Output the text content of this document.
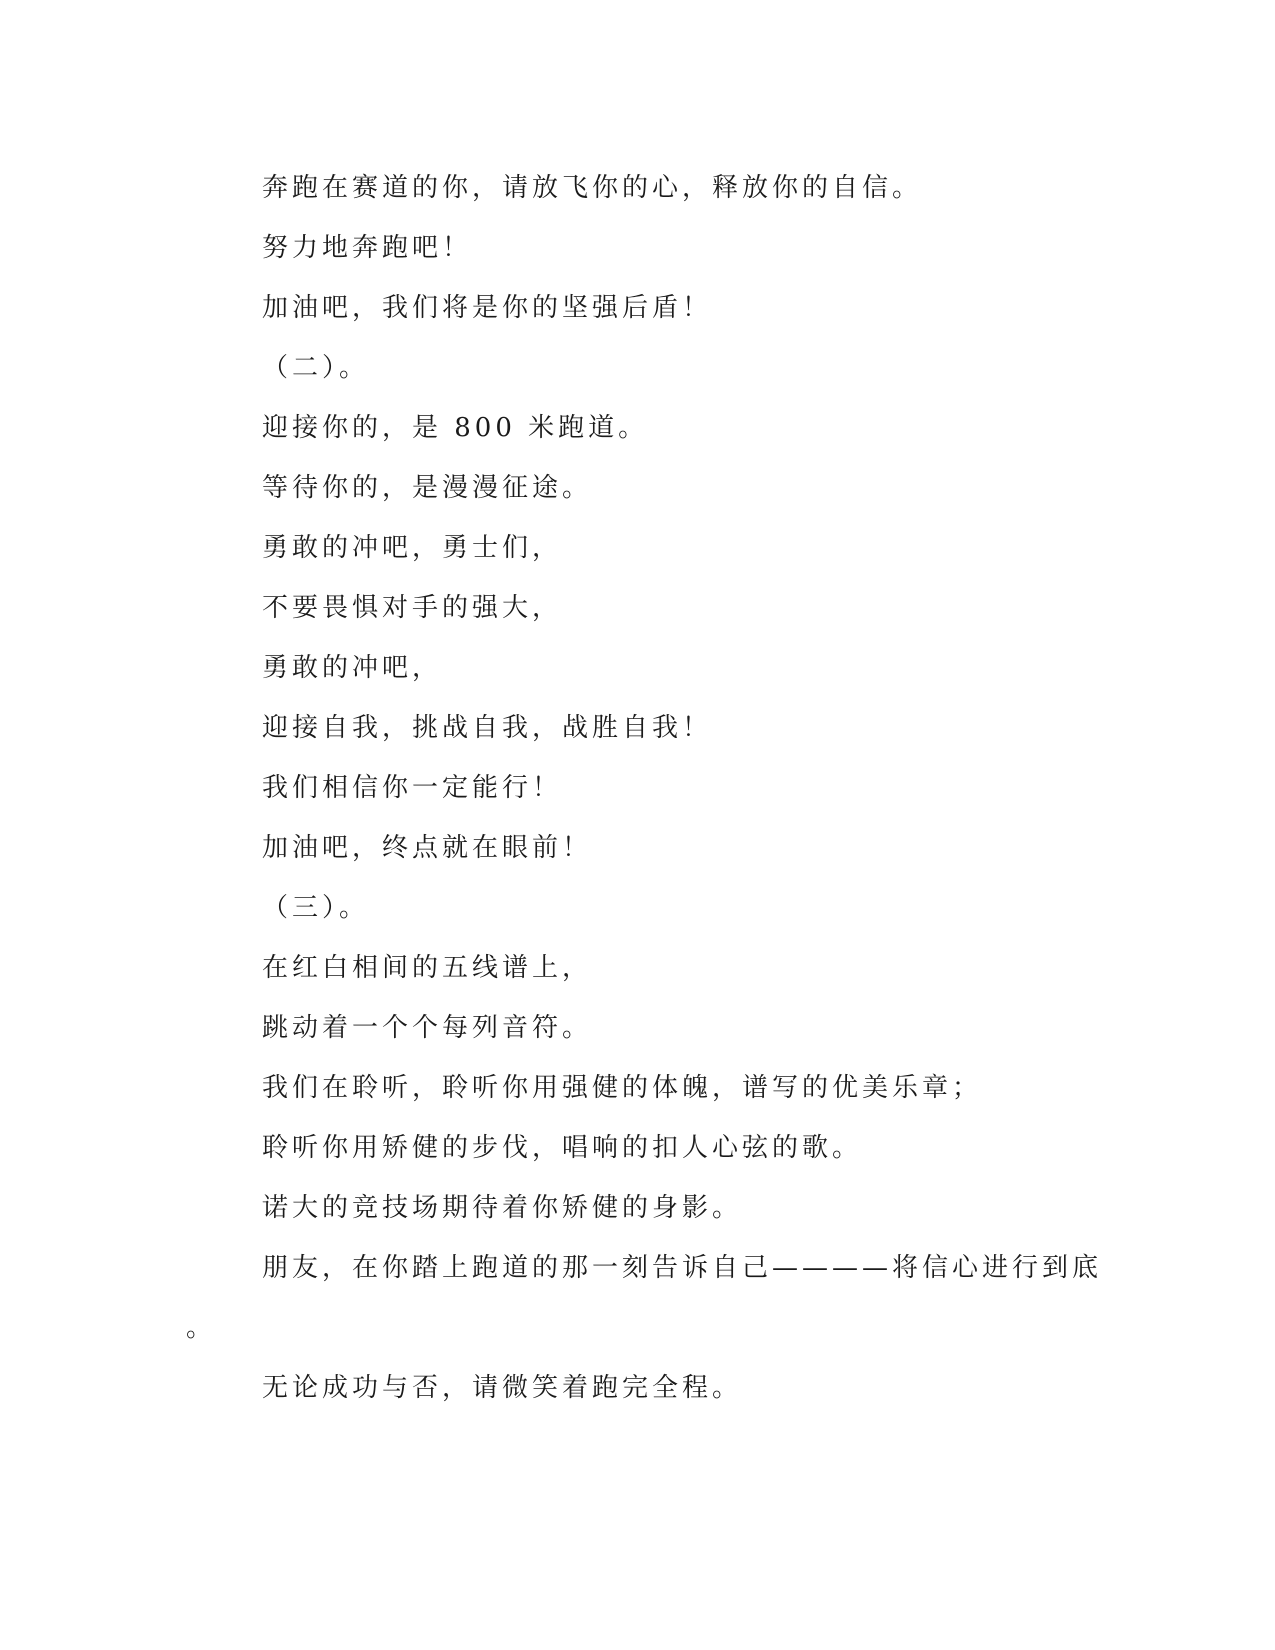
奔跑在赛道的你，请放飞你的心，释放你的自信。
努力地奔跑吧！
加油吧，我们将是你的坚强后盾！
（二）。
迎接你的，是 800 米跑道。
等待你的，是漫漫征途。
勇敢的冲吧，勇士们，
不要畏惧对手的强大，
勇敢的冲吧，
迎接自我，挑战自我，战胜自我！
我们相信你一定能行！
加油吧，终点就在眼前！
（三）。
在红白相间的五线谱上，
跳动着一个个每列音符。
我们在聆听，聆听你用强健的体魄，谱写的优美乐章；
聆听你用矫健的步伐，唱响的扣人心弦的歌。
诺大的竞技场期待着你矫健的身影。
朋友，在你踏上跑道的那一刻告诉自己————将信心进行到底
。
无论成功与否，请微笑着跑完全程。
